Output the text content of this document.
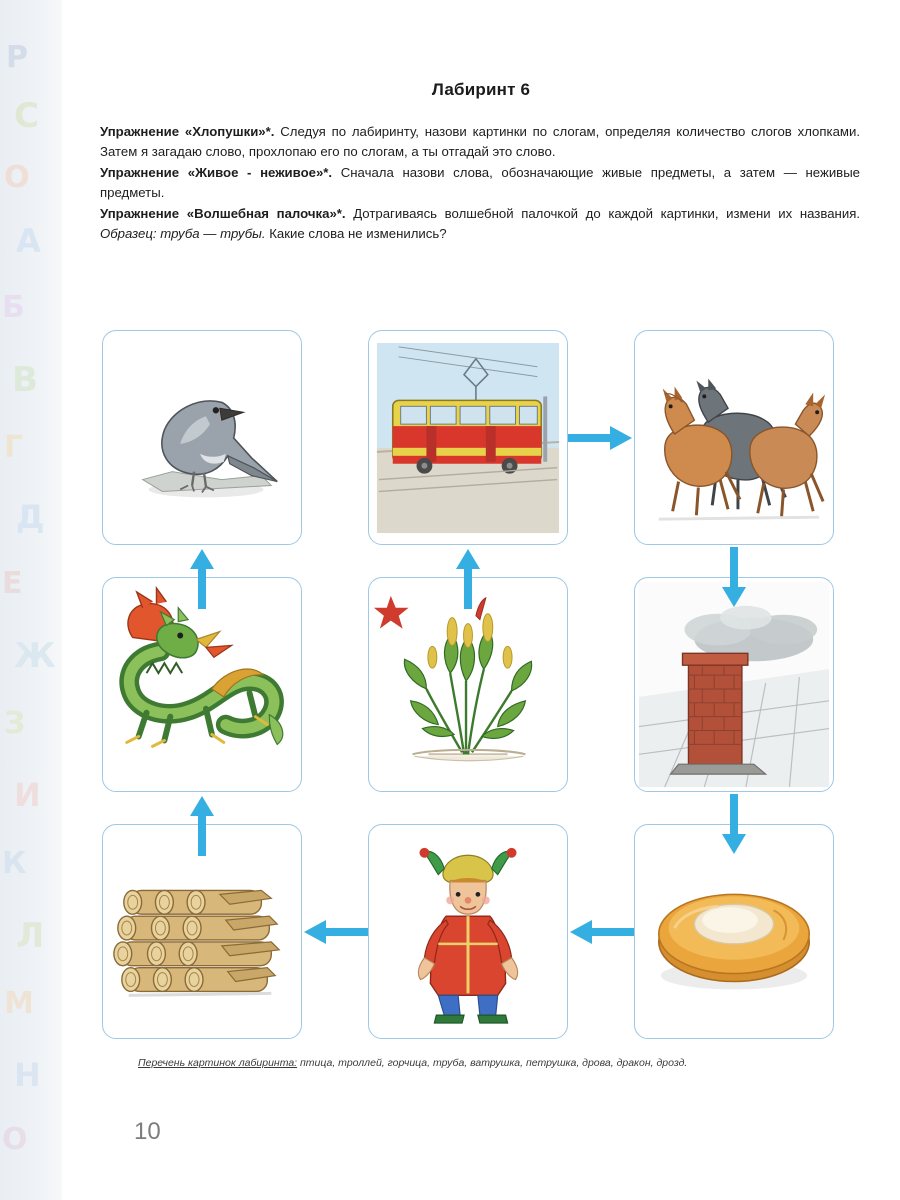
Р
С
О
А
Б
В
Г
Д
Е
Ж
З
И
К
Л
М
Н
О
Лабиринт 6

Упражнение «Хлопушки»*. Следуя по лабиринту, назови картинки по слогам, определяя количество слогов хлопками. Затем я загадаю слово, прохлопаю его по слогам, а ты отгадай это слово.

Упражнение «Живое - неживое»*. Сначала назови слова, обозначающие живые предметы, а затем — неживые предметы.

Упражнение «Волшебная палочка»*. Дотрагиваясь волшебной палочкой до каждой картинки, измени их названия. Образец: труба — трубы. Какие слова не изменились?

Перечень картинок лабиринта: птица, троллей, горчица, труба, ватрушка, петрушка, дрова, дракон, дрозд.
10
